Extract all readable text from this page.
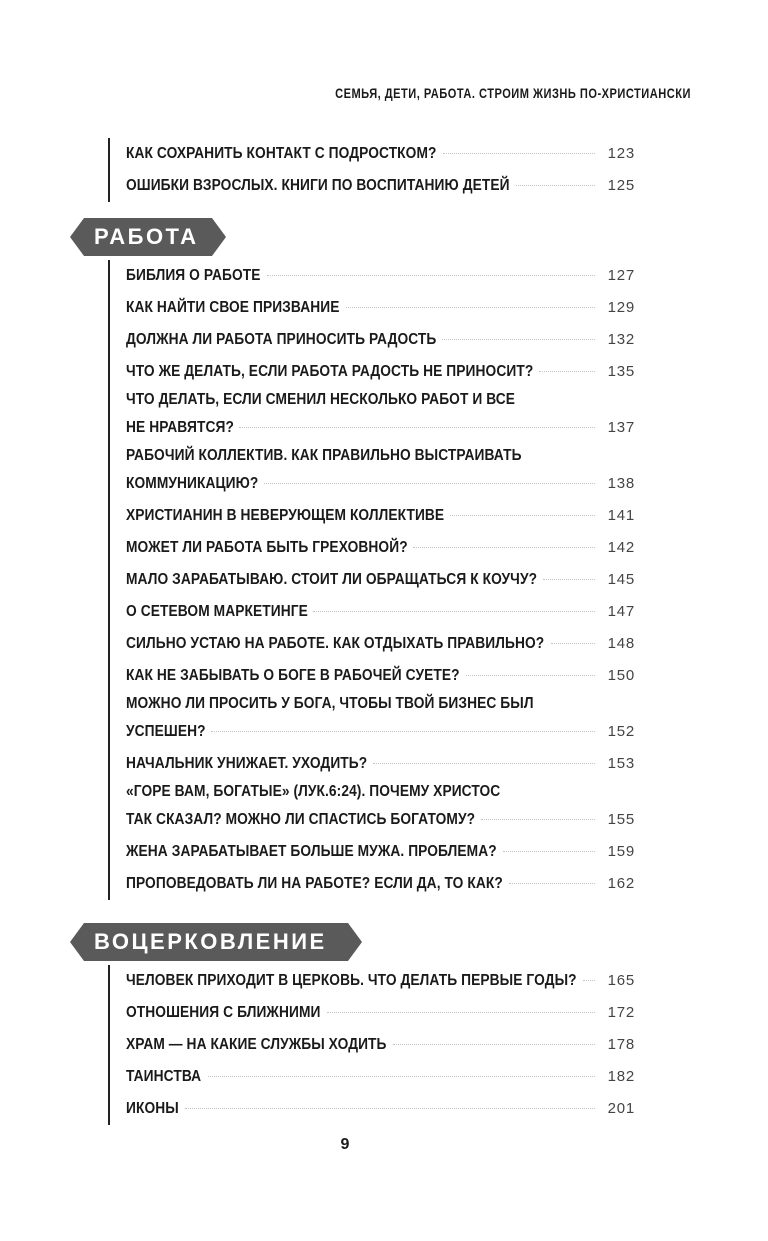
СЕМЬЯ, ДЕТИ, РАБОТА. СТРОИМ ЖИЗНЬ ПО-ХРИСТИАНСКИ
КАК СОХРАНИТЬ КОНТАКТ С ПОДРОСТКОМ?	123
ОШИБКИ ВЗРОСЛЫХ. КНИГИ ПО ВОСПИТАНИЮ ДЕТЕЙ	125
РАБОТА
БИБЛИЯ О РАБОТЕ	127
КАК НАЙТИ СВОЕ ПРИЗВАНИЕ	129
ДОЛЖНА ЛИ РАБОТА ПРИНОСИТЬ РАДОСТЬ	132
ЧТО ЖЕ ДЕЛАТЬ, ЕСЛИ РАБОТА РАДОСТЬ НЕ ПРИНОСИТ?	135
ЧТО ДЕЛАТЬ, ЕСЛИ СМЕНИЛ НЕСКОЛЬКО РАБОТ И ВСЕ
НЕ НРАВЯТСЯ?	137
РАБОЧИЙ КОЛЛЕКТИВ. КАК ПРАВИЛЬНО ВЫСТРАИВАТЬ
КОММУНИКАЦИЮ?	138
ХРИСТИАНИН В НЕВЕРУЮЩЕМ КОЛЛЕКТИВЕ	141
МОЖЕТ ЛИ РАБОТА БЫТЬ ГРЕХОВНОЙ?	142
МАЛО ЗАРАБАТЫВАЮ. СТОИТ ЛИ ОБРАЩАТЬСЯ К КОУЧУ?	145
О СЕТЕВОМ МАРКЕТИНГЕ	147
СИЛЬНО УСТАЮ НА РАБОТЕ. КАК ОТДЫХАТЬ ПРАВИЛЬНО?	148
КАК НЕ ЗАБЫВАТЬ О БОГЕ В РАБОЧЕЙ СУЕТЕ?	150
МОЖНО ЛИ ПРОСИТЬ У БОГА, ЧТОБЫ ТВОЙ БИЗНЕС БЫЛ
УСПЕШЕН?	152
НАЧАЛЬНИК УНИЖАЕТ. УХОДИТЬ?	153
«ГОРЕ ВАМ, БОГАТЫЕ» (ЛУК.6:24). ПОЧЕМУ ХРИСТОС
ТАК СКАЗАЛ? МОЖНО ЛИ СПАСТИСЬ БОГАТОМУ?	155
ЖЕНА ЗАРАБАТЫВАЕТ БОЛЬШЕ МУЖА. ПРОБЛЕМА?	159
ПРОПОВЕДОВАТЬ ЛИ НА РАБОТЕ? ЕСЛИ ДА, ТО КАК?	162
ВОЦЕРКОВЛЕНИЕ
ЧЕЛОВЕК ПРИХОДИТ В ЦЕРКОВЬ. ЧТО ДЕЛАТЬ ПЕРВЫЕ ГОДЫ?	165
ОТНОШЕНИЯ С БЛИЖНИМИ	172
ХРАМ — НА КАКИЕ СЛУЖБЫ ХОДИТЬ	178
ТАИНСТВА	182
ИКОНЫ	201
9
